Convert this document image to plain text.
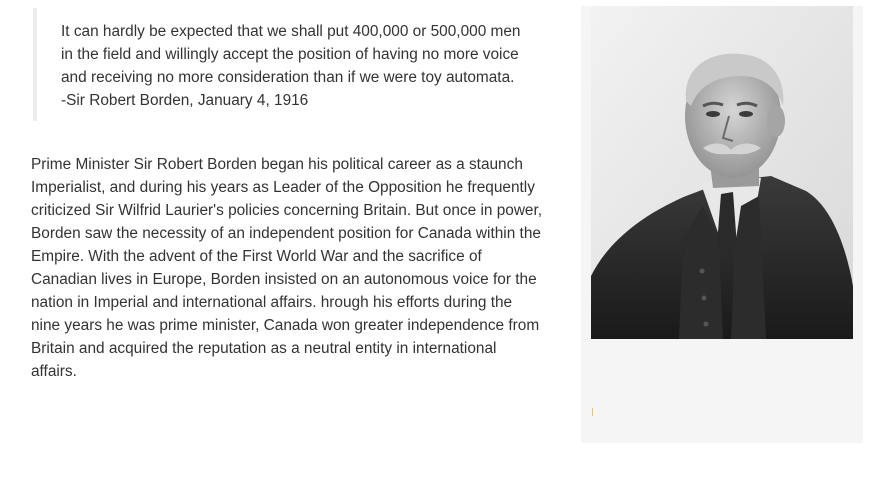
It can hardly be expected that we shall put 400,000 or 500,000 men
in the field and willingly accept the position of having no more voice
and receiving no more consideration than if we were toy automata.
-Sir Robert Borden, January 4, 1916

Prime Minister Sir Robert Borden began his political career as a staunch
Imperialist, and during his years as Leader of the Opposition he frequently
criticized Sir Wilfrid Laurier's policies concerning Britain. But once in power,
Borden saw the necessity of an independent position for Canada within the
Empire. With the advent of the First World War and the sacrifice of
Canadian lives in Europe, Borden insisted on an autonomous voice for the
nation in Imperial and international affairs. hrough his efforts during the
nine years he was prime minister, Canada won greater independence from
Britain and acquired the reputation as a neutral entity in international
affairs.
